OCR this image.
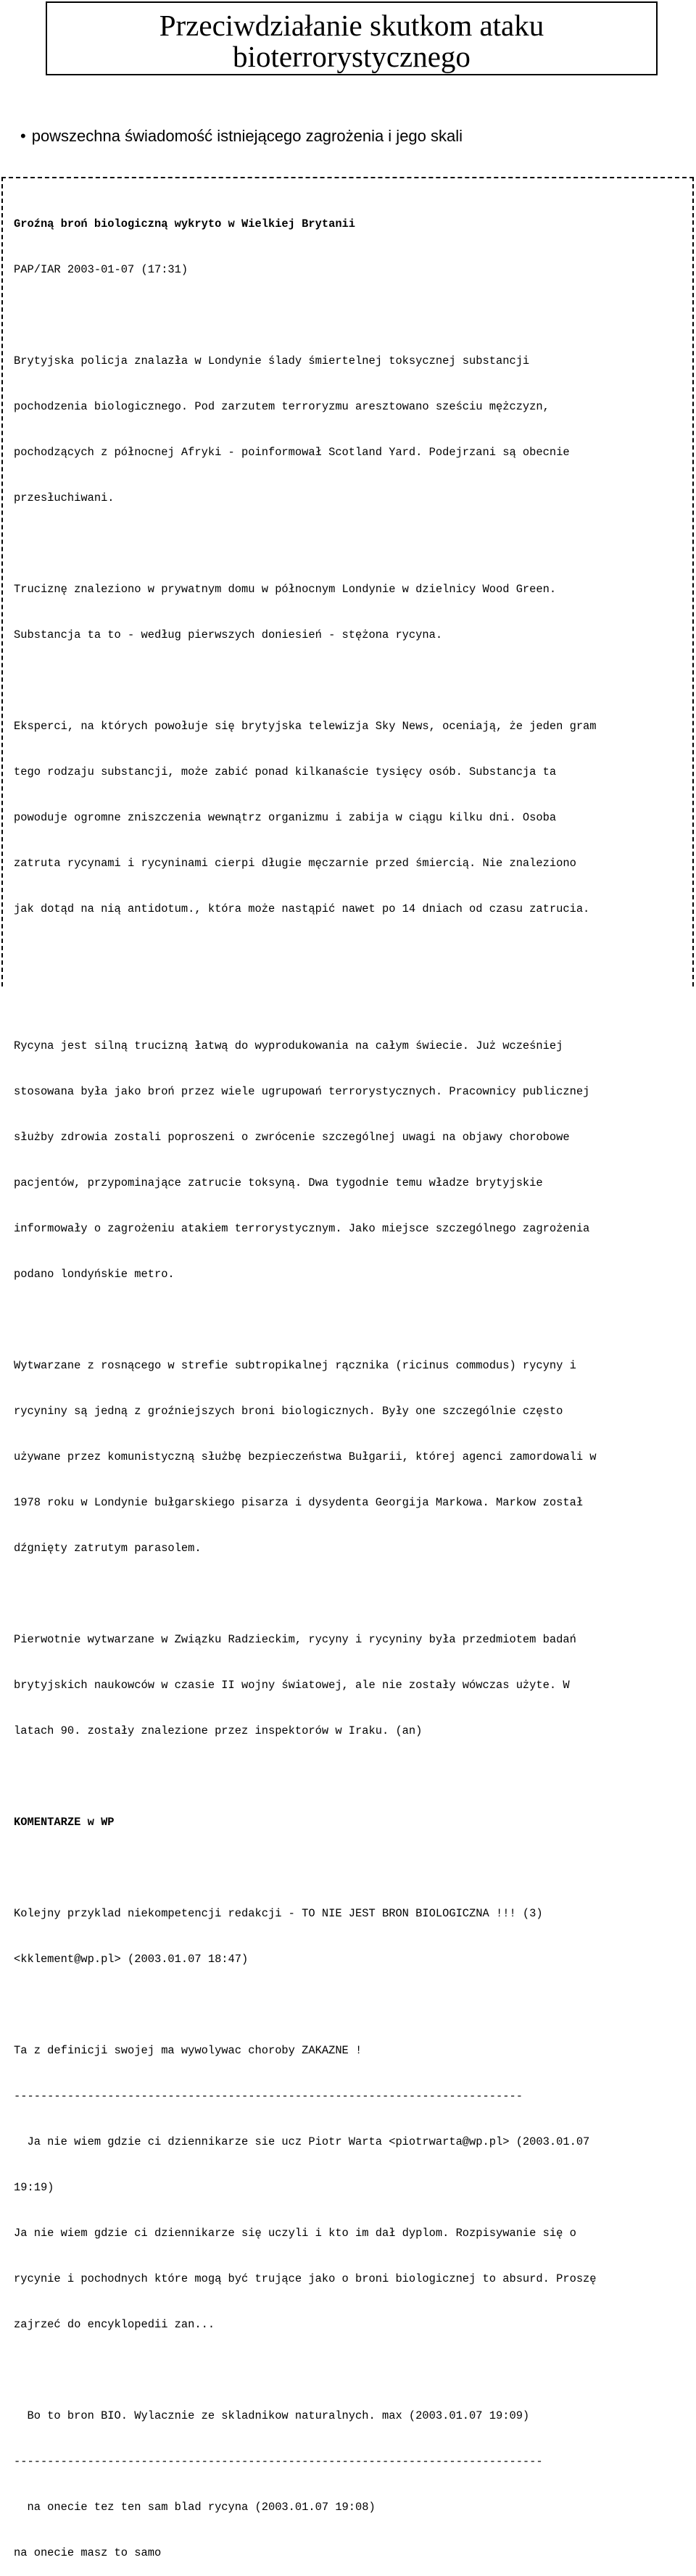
Przeciwdziałanie skutkom ataku
bioterrorystycznego
• powszechna świadomość istniejącego zagrożenia i jego skali

Groźną broń biologiczną wykryto w Wielkiej Brytanii

PAP/IAR 2003-01-07 (17:31)

Brytyjska policja znalazła w Londynie ślady śmiertelnej toksycznej substancji

pochodzenia biologicznego. Pod zarzutem terroryzmu aresztowano sześciu mężczyzn,

pochodzących z północnej Afryki - poinformował Scotland Yard. Podejrzani są obecnie

przesłuchiwani.

Truciznę znaleziono w prywatnym domu w północnym Londynie w dzielnicy Wood Green.

Substancja ta to - według pierwszych doniesień - stężona rycyna.

Eksperci, na których powołuje się brytyjska telewizja Sky News, oceniają, że jeden gram

tego rodzaju substancji, może zabić ponad kilkanaście tysięcy osób. Substancja ta

powoduje ogromne zniszczenia wewnątrz organizmu i zabija w ciągu kilku dni. Osoba

zatruta rycynami i rycyninami cierpi długie męczarnie przed śmiercią. Nie znaleziono

jak dotąd na nią antidotum., która może nastąpić nawet po 14 dniach od czasu zatrucia.

Rycyna jest silną trucizną łatwą do wyprodukowania na całym świecie. Już wcześniej

stosowana była jako broń przez wiele ugrupowań terrorystycznych. Pracownicy publicznej

służby zdrowia zostali poproszeni o zwrócenie szczególnej uwagi na objawy chorobowe

pacjentów, przypominające zatrucie toksyną. Dwa tygodnie temu władze brytyjskie

informowały o zagrożeniu atakiem terrorystycznym. Jako miejsce szczególnego zagrożenia

podano londyńskie metro.

Wytwarzane z rosnącego w strefie subtropikalnej rącznika (ricinus commodus) rycyny i

rycyniny są jedną z groźniejszych broni biologicznych. Były one szczególnie często

używane przez komunistyczną służbę bezpieczeństwa Bułgarii, której agenci zamordowali w

1978 roku w Londynie bułgarskiego pisarza i dysydenta Georgija Markowa. Markow został

dźgnięty zatrutym parasolem.

Pierwotnie wytwarzane w Związku Radzieckim, rycyny i rycyniny była przedmiotem badań

brytyjskich naukowców w czasie II wojny światowej, ale nie zostały wówczas użyte. W

latach 90. zostały znalezione przez inspektorów w Iraku. (an)

KOMENTARZE w WP

Kolejny przyklad niekompetencji redakcji - TO NIE JEST BRON BIOLOGICZNA !!! (3)

<kklement@wp.pl> (2003.01.07 18:47)

Ta z definicji swojej ma wywolywac choroby ZAKAZNE !

----------------------------------------------------------------------------

Ja nie wiem gdzie ci dziennikarze sie ucz Piotr Warta <piotrwarta@wp.pl> (2003.01.07

19:19)

Ja nie wiem gdzie ci dziennikarze się uczyli i kto im dał dyplom. Rozpisywanie się o

rycynie i pochodnych które mogą być trujące jako o broni biologicznej to absurd. Proszę

zajrzeć do encyklopedii zan...

Bo to bron BIO. Wylacznie ze skladnikow naturalnych. max (2003.01.07 19:09)

-------------------------------------------------------------------------------

na onecie tez ten sam blad rycyna (2003.01.07 19:08)

na onecie masz to samo
